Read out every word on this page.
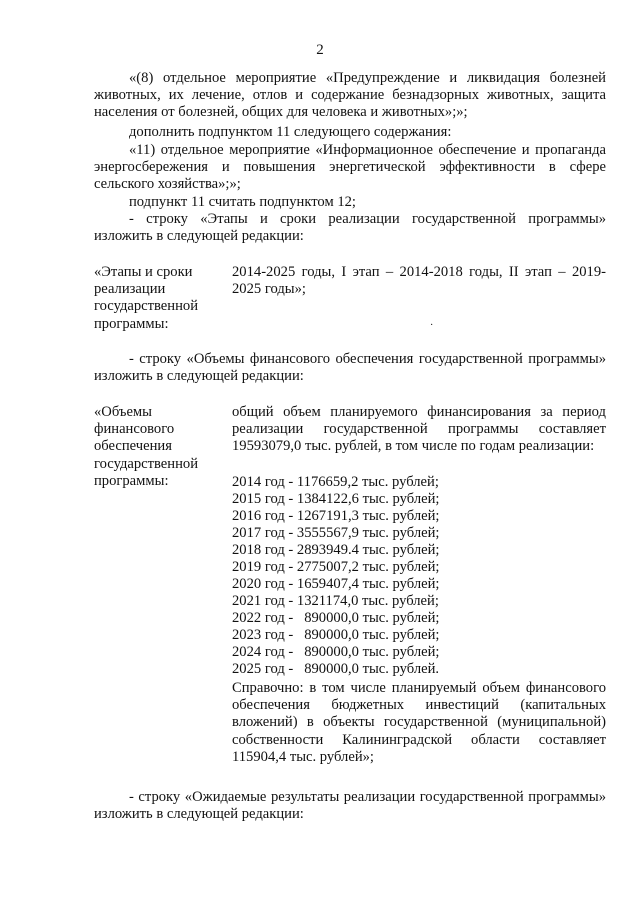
2
«(8) отдельное мероприятие «Предупреждение и ликвидация болезней животных, их лечение, отлов и содержание безнадзорных животных, защита населения от болезней, общих для человека и животных»;»;
дополнить подпунктом 11 следующего содержания:
«11) отдельное мероприятие «Информационное обеспечение и пропаганда энергосбережения и повышения энергетической эффективности в сфере сельского хозяйства»;»;
подпункт 11 считать подпунктом 12;
- строку «Этапы и сроки реализации государственной программы» изложить в следующей редакции:
«Этапы и сроки реализации государственной программы:
2014-2025 годы, I этап – 2014-2018 годы, II этап – 2019-2025 годы»;
·
- строку «Объемы финансового обеспечения государственной программы» изложить в следующей редакции:
«Объемы финансового обеспечения государственной программы:
общий объем планируемого финансирования за период реализации государственной программы составляет 19593079,0 тыс. рублей, в том числе по годам реализации:
2014 год - 1176659,2 тыс. рублей;
2015 год - 1384122,6 тыс. рублей;
2016 год - 1267191,3 тыс. рублей;
2017 год - 3555567,9 тыс. рублей;
2018 год - 2893949.4 тыс. рублей;
2019 год - 2775007,2 тыс. рублей;
2020 год - 1659407,4 тыс. рублей;
2021 год - 1321174,0 тыс. рублей;
2022 год -   890000,0 тыс. рублей;
2023 год -   890000,0 тыс. рублей;
2024 год -   890000,0 тыс. рублей;
2025 год -   890000,0 тыс. рублей.
Справочно: в том числе планируемый объем финансового обеспечения бюджетных инвестиций (капитальных вложений) в объекты государственной (муниципальной) собственности Калининградской области составляет 115904,4 тыс. рублей»;
- строку «Ожидаемые результаты реализации государственной программы» изложить в следующей редакции:
